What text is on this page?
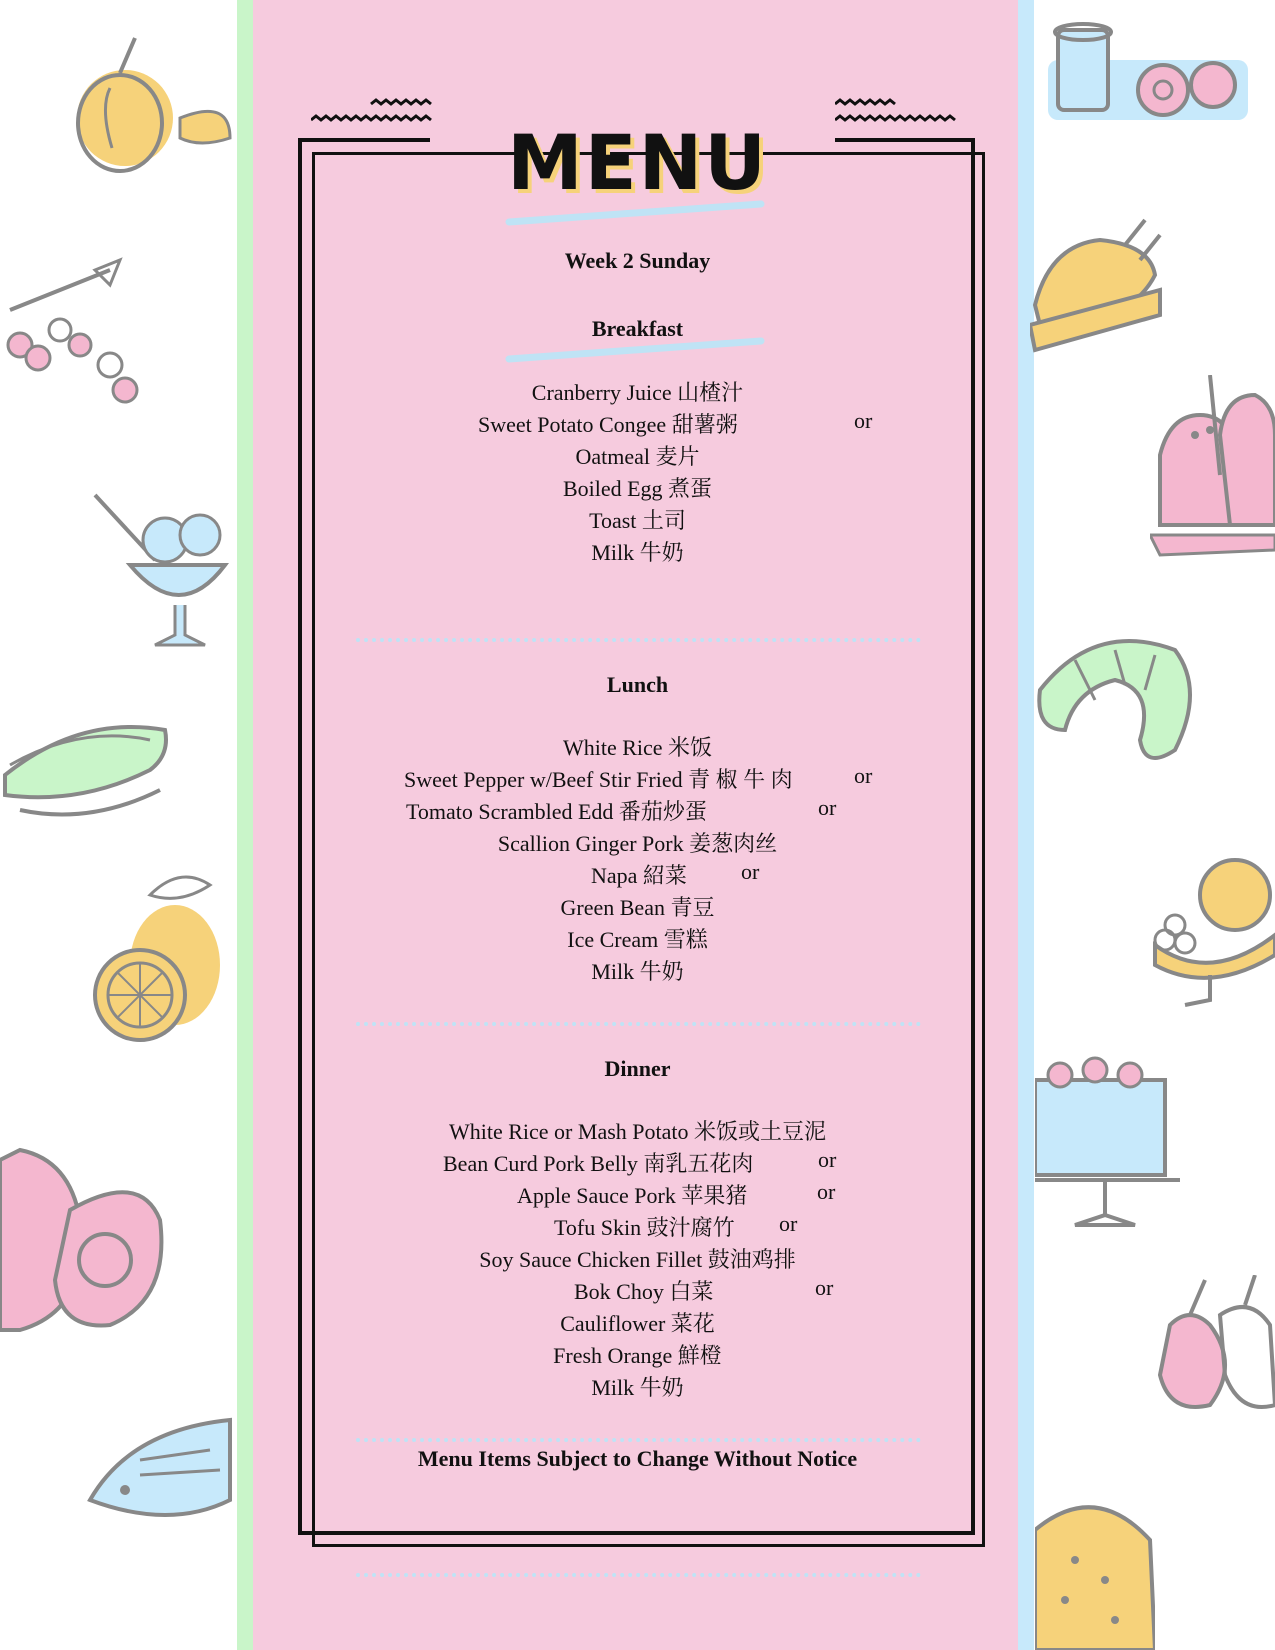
MENU
Week 2 Sunday
Breakfast
Cranberry Juice 山楂汁
Sweet Potato Congee 甜薯粥	or
Oatmeal 麦片
Boiled Egg 煮蛋
Toast 土司
Milk 牛奶
Lunch
White Rice 米饭
Sweet Pepper w/Beef Stir Fried 青 椒 牛 肉	or
Tomato Scrambled Edd 番茄炒蛋	or
Scallion Ginger Pork 姜葱肉丝
Napa 紹菜 or
Green Bean 青豆
Ice Cream 雪糕
Milk 牛奶
Dinner
White Rice or Mash Potato 米饭或土豆泥
Bean Curd Pork Belly 南乳五花肉	or
Apple Sauce Pork 苹果猪	or
Tofu Skin 豉汁腐竹 or
Soy Sauce Chicken Fillet 鼓油鸡排
Bok Choy 白菜	or
Cauliflower 菜花
Fresh Orange 鮮橙
Milk 牛奶
Menu Items Subject to Change Without Notice
